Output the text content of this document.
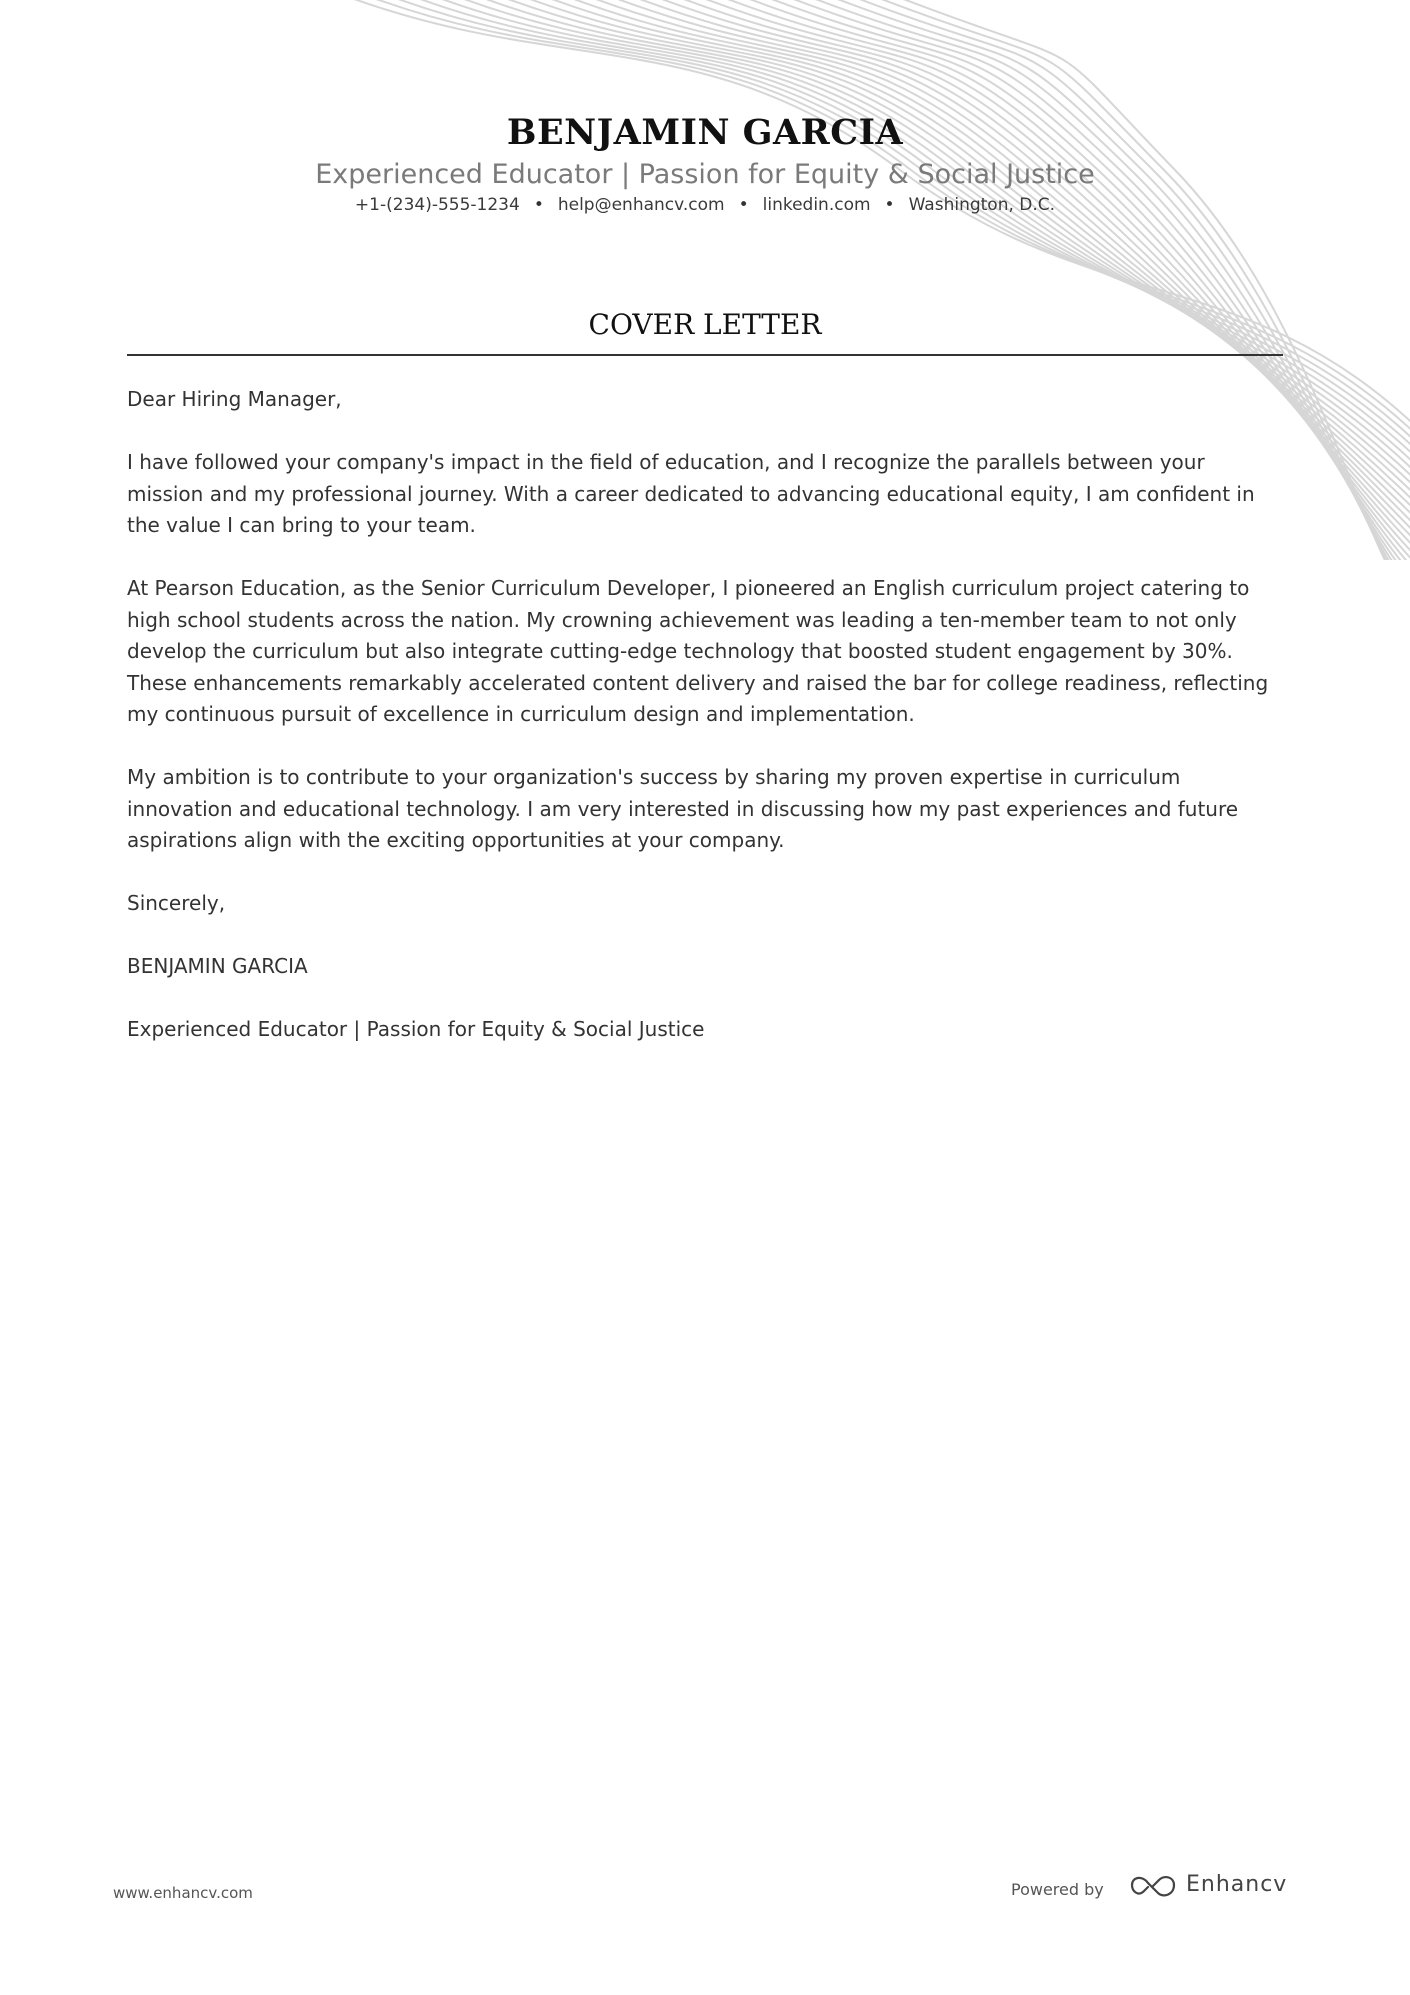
BENJAMIN GARCIA
Experienced Educator | Passion for Equity & Social Justice
+1-(234)-555-1234 • help@enhancv.com • linkedin.com • Washington, D.C.
COVER LETTER

Dear Hiring Manager,

I have followed your company's impact in the field of education, and I recognize the parallels between your mission and my professional journey. With a career dedicated to advancing educational equity, I am confident in the value I can bring to your team.

At Pearson Education, as the Senior Curriculum Developer, I pioneered an English curriculum project catering to high school students across the nation. My crowning achievement was leading a ten-member team to not only develop the curriculum but also integrate cutting-edge technology that boosted student engagement by 30%. These enhancements remarkably accelerated content delivery and raised the bar for college readiness, reflecting my continuous pursuit of excellence in curriculum design and implementation.

My ambition is to contribute to your organization's success by sharing my proven expertise in curriculum innovation and educational technology. I am very interested in discussing how my past experiences and future aspirations align with the exciting opportunities at your company.

Sincerely,

BENJAMIN GARCIA

Experienced Educator | Passion for Equity & Social Justice

www.enhancv.com	Powered by	Enhancv
